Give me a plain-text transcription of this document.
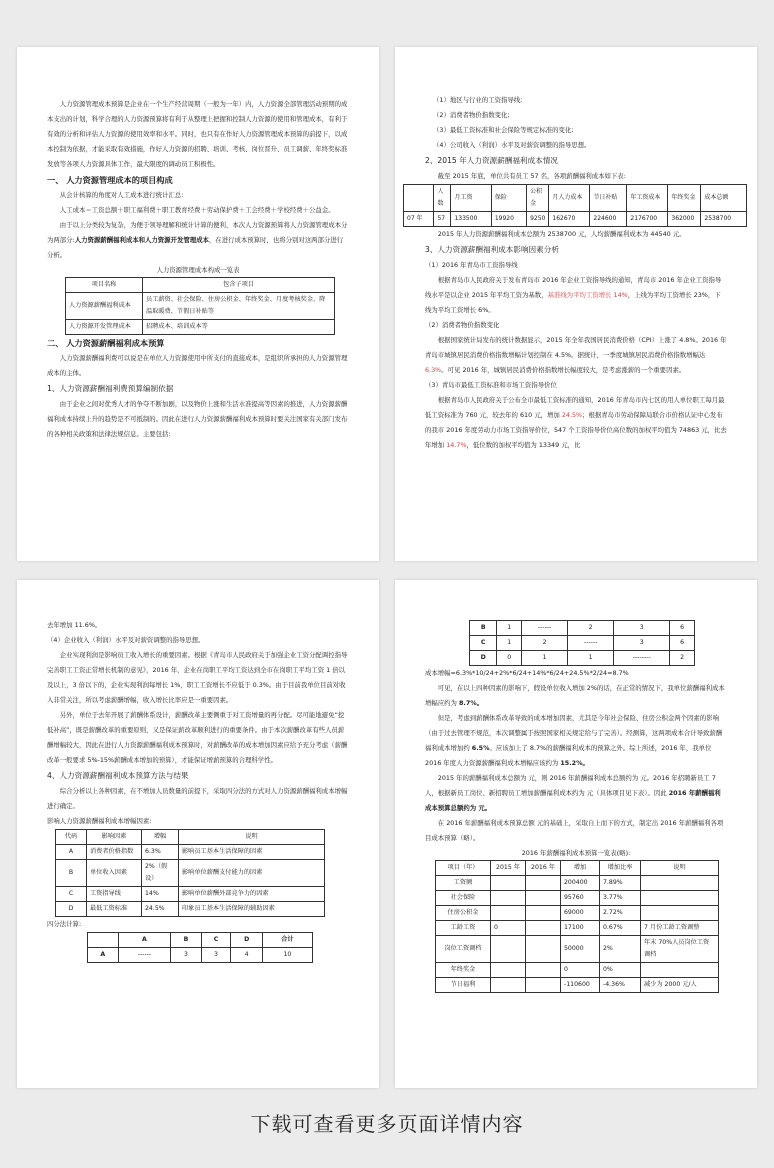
人力资源管理成本预算是企业在一个生产经营周期（一般为一年）内，人力资源全部管理活动预期的成本支出的计划，科学合理的人力资源预算将有利于从整理上把握和控制人力资源的使用和管理成本，有利于有效的分析和评估人力资源的使用效率和水平。同时，也只有在作好人力资源管理成本预算的前提下，以成本控制为依据，才能采取有效措施，作好人力资源的招聘、培训、考核、岗位晋升、员工调薪、年终奖标准发放等各项人力资源具体工作，最大限度的调动员工积极性。

一、 人力资源管理成本的项目构成

从会计核算的角度对人工成本进行统计汇总:

人工成本＝工资总额＋职工福利费＋职工教育经费＋劳动保护费＋工会经费＋学校经费＋公益金。

由于以上分类较为复杂，为便于领导理解和统计计算的便利，本次人力资源预算将人力资源管理成本分为两部分:人力资源薪酬福利成本和人力资源开发管理成本，在进行成本预算时，也将分别对这两部分进行分析。

人力资源管理成本构成一览表

项目名称	包含子项目
人力资源薪酬福利成本	员工薪资、社会保险、住房公积金、年终奖金、月度考核奖金、降温取暖费、节假日补贴等
人力资源开发管理成本	招聘成本、培训成本等

二、 人力资源薪酬福利成本预算

人力资源薪酬福利费可以说是在单位人力资源使用中所支付的直接成本，是组织所承担的人力资源管理成本的主体。

1、人力资源薪酬福利费预算编制依据

由于企业之间对优秀人才的争夺不断加剧，以及物价上涨和生活水准提高等因素的推进，人力资源薪酬福利成本持续上升的趋势是不可抵制的。因此在进行人力资源薪酬福利成本预算时要关注国家有关部门发布的各种相关政策和法律法规信息。主要包括:

（1）地区与行业的工资指导线;

（2）消费者物价指数变化;

（3）最低工资标准和社会保险等规定标准的变化;

（4）公司收入（利润）水平及对薪资调整的指导思想。

2、2015 年人力资源薪酬福利成本情况

截至 2015 年底，单位共有员工 57 名，各项薪酬福利成本如下表:

	人数	月工资	保险	公积金	月人力成本	节日补贴	年工资成本	年终奖金	成本总额
07 年	57	133500	19920	9250	162670	224600	2176700	362000	2538700

2015 年人力资源薪酬福利成本总额为 2538700 元，人均薪酬福利成本为 44540 元。

3、人力资源薪酬福利成本影响因素分析

（1）2016 年青岛市工资指导线

根据青岛市人民政府关于发布青岛市 2016 年企业工资指导线的通知，青岛市 2016 年企业工资指导线水平是以企业 2015 年平均工资为基数，基准线为平均工资增长 14%，上线为平均工资增长 23%，下线为平均工资增长 6%。

（2）消费者物价指数变化

根据国家统计局发布的统计数据显示，2015 年全年我国居民消费价格（CPI）上涨了 4.8%。2016 年青岛市城镇居民消费价格指数增幅计划控制在 4.5%。据统计，一季度城镇居民消费价格指数增幅达 6.3%。可见 2016 年，城镇居民消费价格指数增长幅度较大，是考虑涨薪的一个重要因素。

（3）青岛市最低工资标准和市场工资指导价位

根据青岛市人民政府关于公布全市最低工资标准的通知，2016 年青岛市内七区的用人单位职工每月最低工资标准为 760 元，较去年的 610 元，增加 24.5%；根据青岛市劳动保障局联合市价格认证中心发布的我市 2016 年度劳动力市场工资指导价位，547 个工资指导价位高位数的加权平均值为 74863 元，比去年增加 14.7%，低位数的加权平均值为 13349 元，比

去年增加 11.6%。

（4）企业收入（利润）水平及对薪资调整的指导思想。

企业实现利润是影响员工收入增长的重要因素。根据《青岛市人民政府关于加强企业工资分配调控指导完善职工工资正常增长机制的意见》，2016 年，企业在岗职工平均工资达到全市在岗职工平均工资 1 倍以及以上，3 倍以下的，企业实现利润每增长 1%，职工工资增长不应低于 0.3%。由于目前我单位目前对收入非常关注，所以考虑薪酬增幅，收入增长比率应是一重要因素。

另外，单位于去年开展了薪酬体系设计，薪酬改革主要侧重于对工资增量的再分配。尽可能地避免“挖低补高”，既是薪酬改革的重要原则，又是保证薪改革顺利进行的重要条件。由于本次薪酬改革有些人员薪酬增幅较大，因此在进行人力资源薪酬福利成本预算时，对薪酬改革的成本增加因素应给予充分考虑（薪酬改革一般要求 5%-15%薪酬成本增加的预算），才能保证增薪预算的合理科学性。

4、人力资源薪酬福利成本预算方法与结果

综合分析以上各种因素，在不增加人员数量的前提下，采取四分法的方式对人力资源薪酬福利成本增幅进行确定。

影响人力资源薪酬福利成本增幅因素:

代码	影响因素	增幅	说明
A	消费者价格指数	6.3%	影响员工基本生活保障的因素
B	单位收入因素	2%（假设）	影响单位薪酬支付能力的因素
C	工资指导线	14%	影响单位薪酬外部竞争力的因素
D	最低工资标准	24.5%	印象员工基本生活保障的辅助因素

四分法计算:

	A	B	C	D	合计
A	------	3	3	4	10
B	1	------	2	3	6
C	1	2	------	3	6
D	0	1	1	--------	2

成本增幅=6.3%*10/24+2%*6/24+14%*6/24+24.5%*2/24=8.7%

可见，在以上四种因素的影响下，假设单位收入增加 2%的话，在正常的情况下，我单位薪酬福利成本增幅应约为 8.7%。

但是，考虑到薪酬体系改革导致的成本增加因素，尤其是今年社会保险、住房公积金两个因素的影响（由于过去管理不规范，本次调整属于按照国家相关规定给与了完善）。经测算，这两项成本合计导致薪酬福利成本增加约 6.5%。应该加上了 8.7%的薪酬福利成本的预算之外。综上所述，2016 年，我单位 2016 年度人力资源薪酬福利成本增幅应该约为 15.2%。

2015 年的薪酬福利成本总额为 元，则 2016 年薪酬福利成本总额约为 元。2016 年招聘新员工 7 人，根据新员工岗位、新招聘员工增加薪酬福利成本约为 元（具体项目见下表）。因此 2016 年薪酬福利成本预算总额约为 元。

在 2016 年薪酬福利成本预算总额 元的基础上，采取自上而下的方式，制定出 2016 年薪酬福利各项目成本预算（略）。

2016 年薪酬福利成本预算一览表(略):

项目（年）	2015 年	2016 年	增加	增加比率	说明
工资额			200400	7.89%	
社会保险			95760	3.77%	
住房公积金			69000	2.72%	
工龄工资	0		17100	0.67%	7 月份工龄工资调整
岗位工资调档			50000	2%	年末 70%人员岗位工资调档
年终奖金			0	0%	
节日福利			-110600	-4.36%	减少为 2000 元/人
下载可查看更多页面详情内容
